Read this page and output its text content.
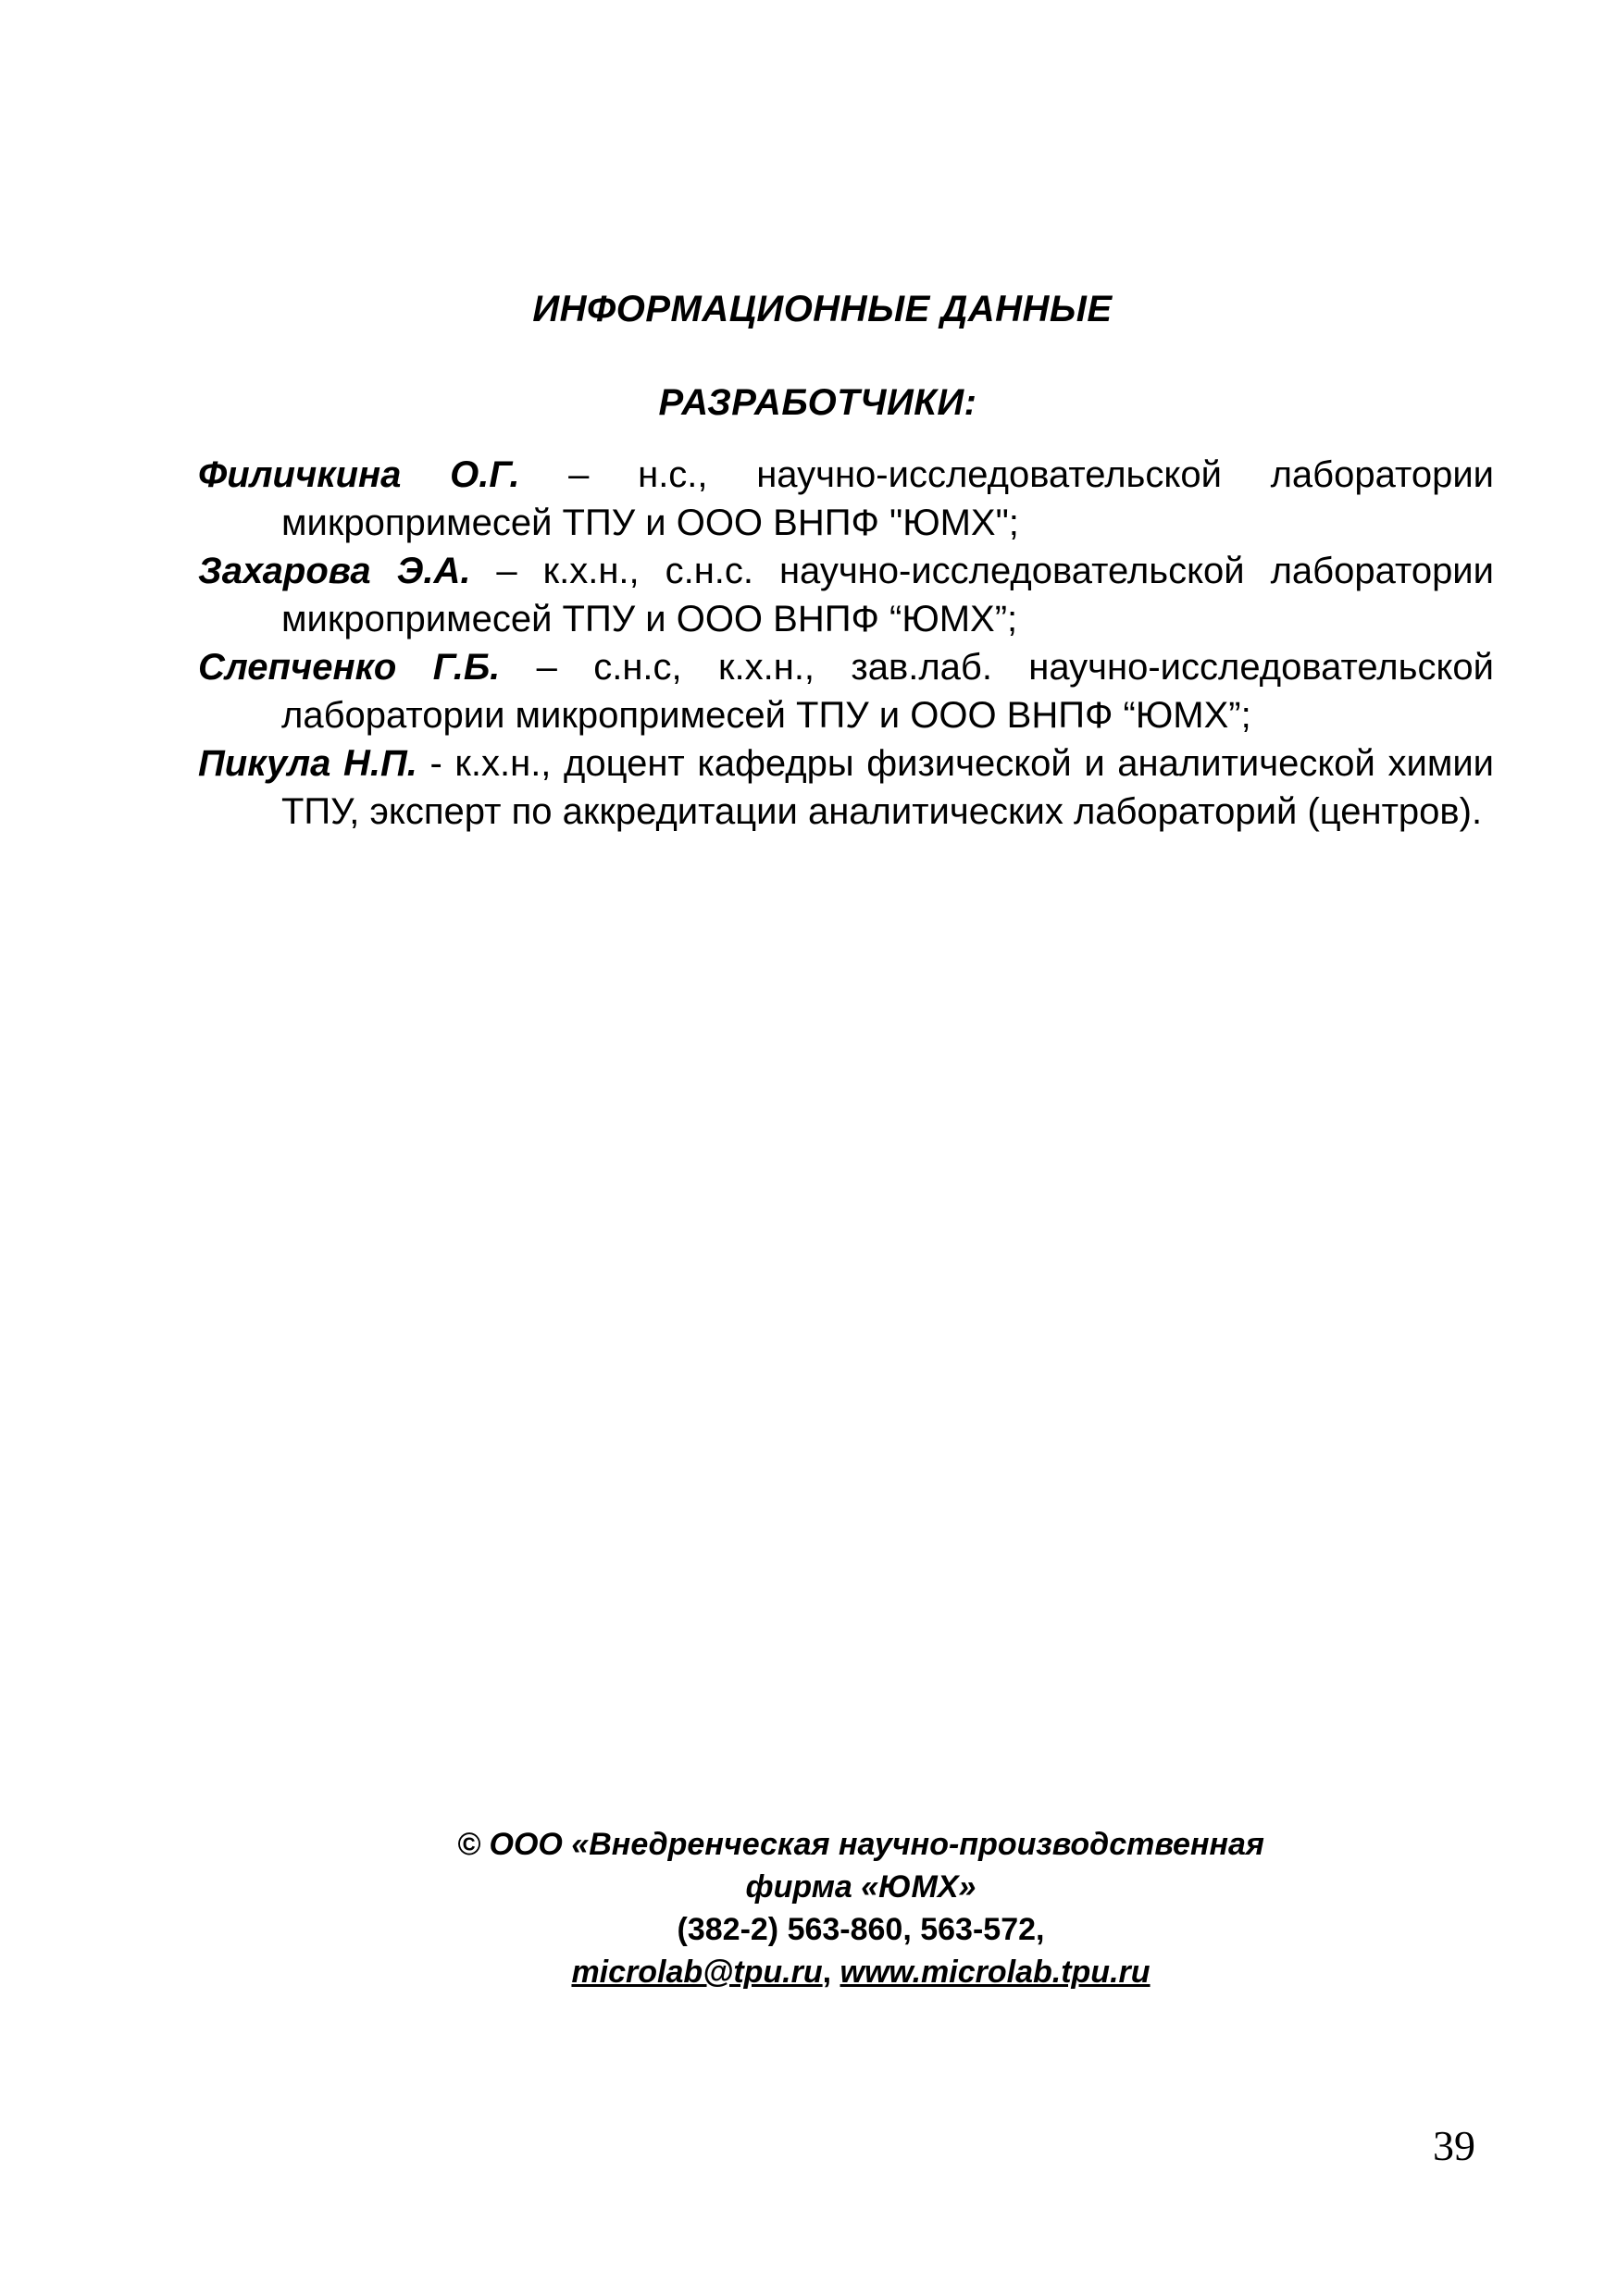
ИНФОРМАЦИОННЫЕ ДАННЫЕ
РАЗРАБОТЧИКИ:

Филичкина О.Г. – н.с., научно-исследовательской лаборатории микропримесей ТПУ и ООО ВНПФ "ЮМХ";

Захарова Э.А. – к.х.н., с.н.с. научно-исследовательской лаборатории микропримесей ТПУ и ООО ВНПФ “ЮМХ”;

Слепченко Г.Б. – с.н.с, к.х.н., зав.лаб. научно-исследовательской лаборатории микропримесей ТПУ и ООО ВНПФ “ЮМХ”;

Пикула Н.П. - к.х.н., доцент кафедры физической и аналитической химии ТПУ, эксперт по аккредитации аналитических лабораторий (центров).

© ООО «Внедренческая научно-производственная
фирма «ЮМХ»
(382-2) 563-860, 563-572,
microlab@tpu.ru, www.microlab.tpu.ru
39
